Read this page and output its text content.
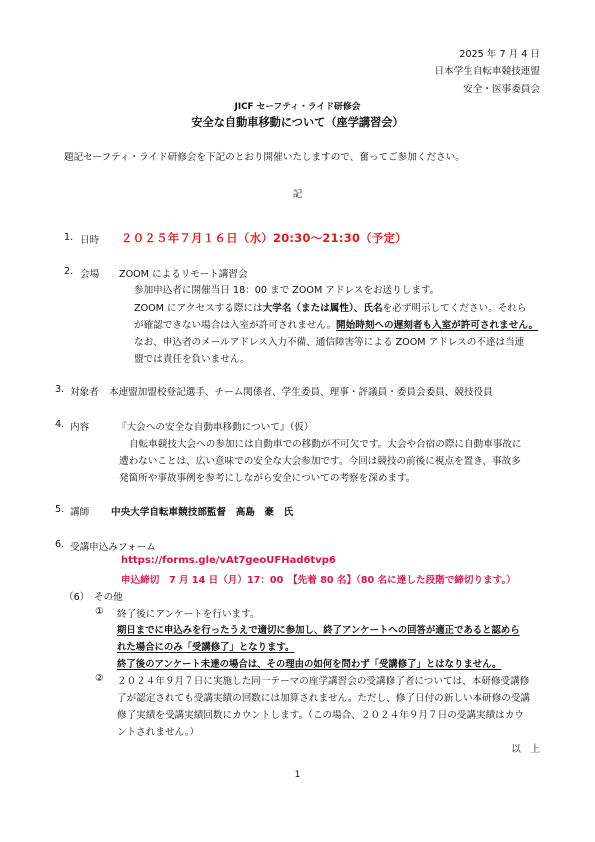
2025 年 7 月 4 日
日本学生自転車競技連盟
安全・医事委員会
JICF セーフティ・ライド研修会
安全な自動車移動について（座学講習会）
題記セーフティ・ライド研修会を下記のとおり開催いたしますので、奮ってご参加ください。
記
1. 日時 ２０２５年７月１６日（水）20:30〜21:30（予定）
2. 会場 ZOOM によるリモート講習会
参加申込者に開催当日 18：00 まで ZOOM アドレスをお送りします。
ZOOM にアクセスする際には大学名（または属性）、氏名を必ず明示してください。それら
が確認できない場合は入室が許可されません。開始時刻への遅刻者も入室が許可されません。
なお、申込者のメールアドレス入力不備、通信障害等による ZOOM アドレスの不達は当連
盟では責任を負いません。
3. 対象者 本連盟加盟校登記選手、チーム関係者、学生委員、理事・評議員・委員会委員、競技役員
4. 内容	『大会への安全な自動車移動について』（仮）
自転車競技大会への参加には自動車での移動が不可欠です。大会や合宿の際に自動車事故に
遭わないことは、広い意味での安全な大会参加です。今回は競技の前後に視点を置き、事故多
発箇所や事故事例を参考にしながら安全についての考察を深めます。
5. 講師 中央大学自転車競技部監督　高島　豪　氏
6. 受講申込みフォーム
https://forms.gle/vAt7geoUFHad6tvp6
申込締切　7 月 14 日（月）17：00　【先着 80 名】（80 名に達した段階で締切ります。）
（6） その他
① 終了後にアンケートを行います。
期日までに申込みを行ったうえで適切に参加し、終了アンケートへの回答が適正であると認めら
れた場合にのみ「受講修了」となります。
終了後のアンケート未達の場合は、その理由の如何を問わず「受講修了」とはなりません。
② ２０２４年９月７日に実施した同一テーマの座学講習会の受講修了者については、本研修受講修
了が認定されても受講実績の回数には加算されません。ただし、修了日付の新しい本研修の受講
修了実績を受講実績回数にカウントします。（この場合、２０２４年９月７日の受講実績はカウ
ントされません。）
以　上
1
